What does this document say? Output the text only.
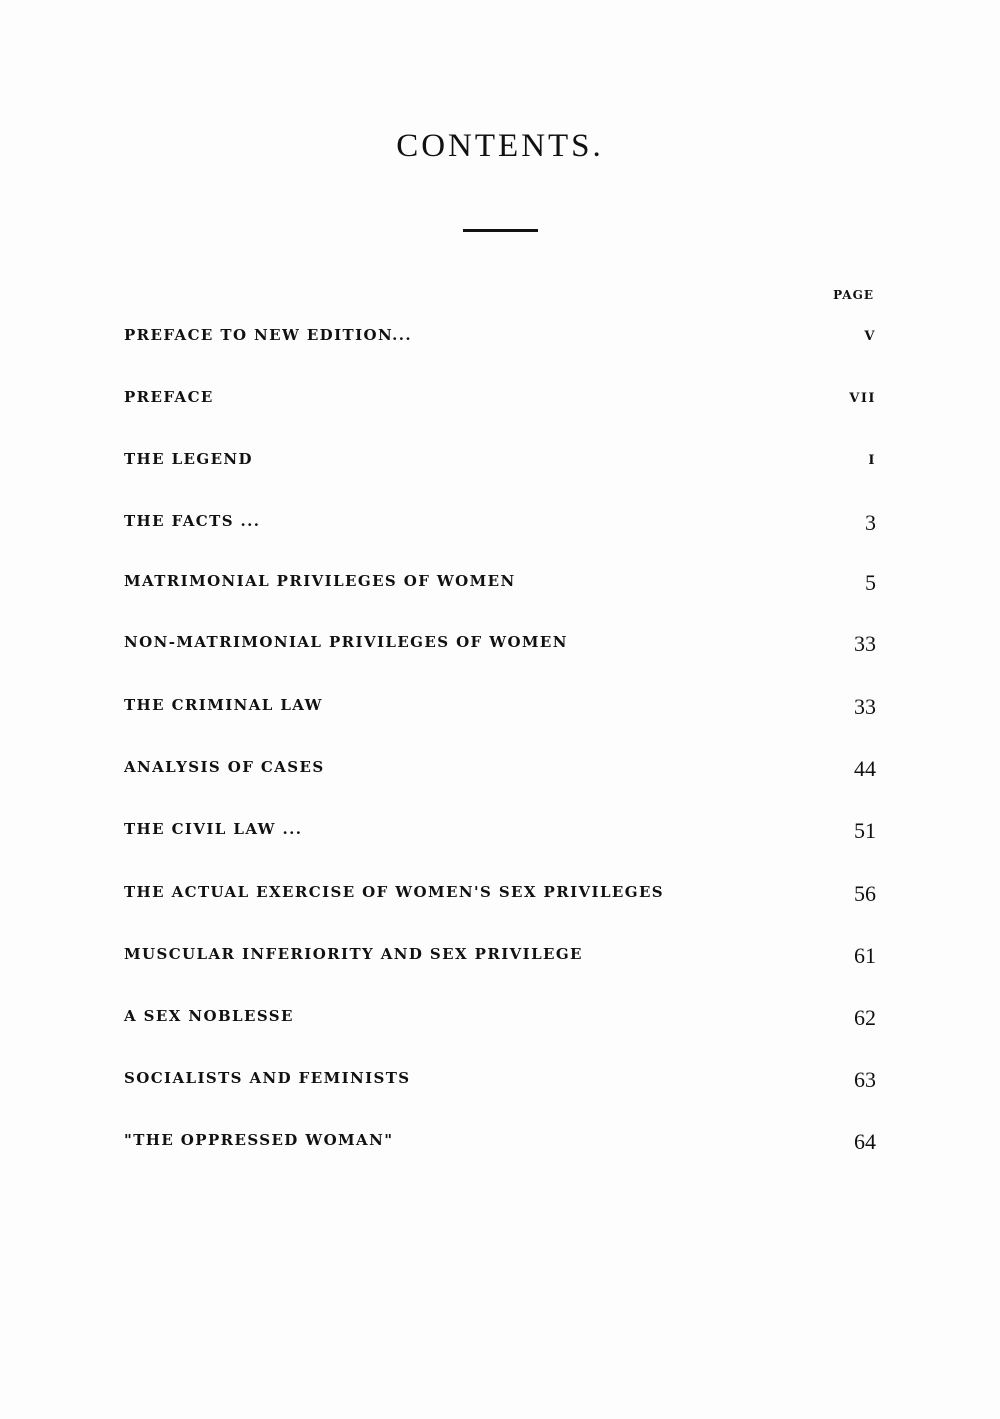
CONTENTS.
PAGE
PREFACE TO NEW EDITION...	V
PREFACE	VII
THE LEGEND	I
THE FACTS ...	3
MATRIMONIAL PRIVILEGES OF WOMEN	5
NON-MATRIMONIAL PRIVILEGES OF WOMEN	33
THE CRIMINAL LAW	33
ANALYSIS OF CASES	44
THE CIVIL LAW ...	51
THE ACTUAL EXERCISE OF WOMEN'S SEX PRIVILEGES	56
MUSCULAR INFERIORITY AND SEX PRIVILEGE	61
A SEX NOBLESSE	62
SOCIALISTS AND FEMINISTS	63
"THE OPPRESSED WOMAN"	64
